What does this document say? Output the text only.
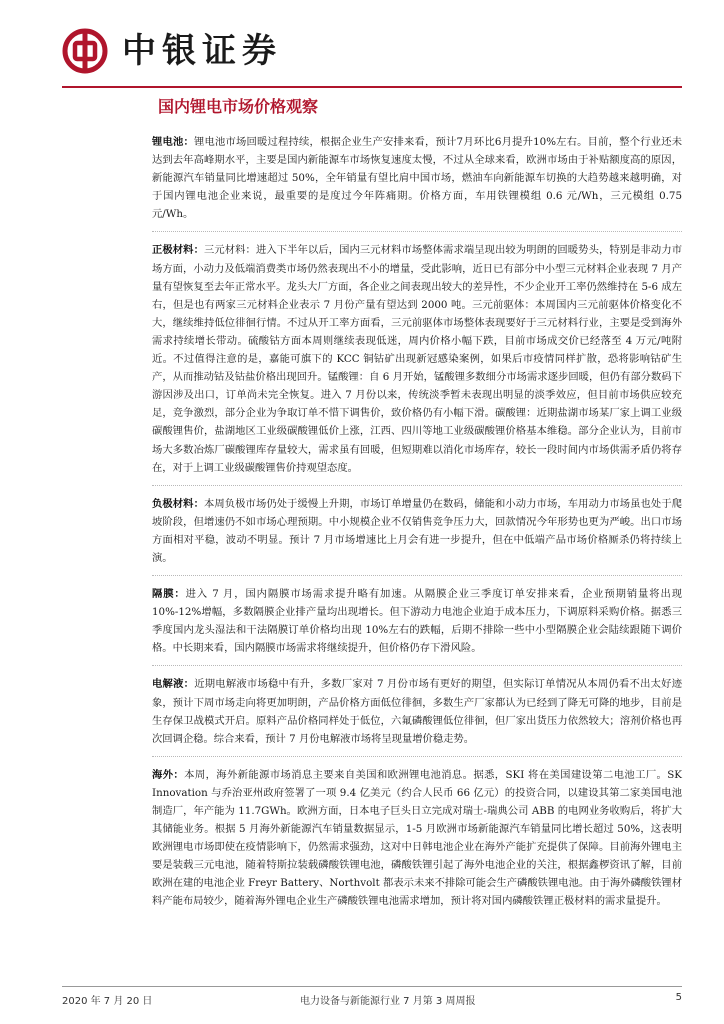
中银证券
国内锂电市场价格观察

锂电池：锂电池市场回暖过程持续，根据企业生产安排来看，预计7月环比6月提升10%左右。目前，整个行业还未达到去年高峰期水平，主要是国内新能源车市场恢复速度太慢，不过从全球来看，欧洲市场由于补贴额度高的原因，新能源汽车销量同比增速超过 50%，全年销量有望比肩中国市场，燃油车向新能源车切换的大趋势越来越明确，对于国内锂电池企业来说，最重要的是度过今年阵痛期。价格方面，车用铁锂模组 0.6 元/Wh，三元模组 0.75 元/Wh。

正极材料：三元材料：进入下半年以后，国内三元材料市场整体需求端呈现出较为明朗的回暖势头，特别是非动力市场方面，小动力及低端消费类市场仍然表现出不小的增量，受此影响，近日已有部分中小型三元材料企业表现 7 月产量有望恢复至去年正常水平。龙头大厂方面，各企业之间表现出较大的差异性，不少企业开工率仍然维持在 5-6 成左右，但是也有两家三元材料企业表示 7 月份产量有望达到 2000 吨。三元前驱体：本周国内三元前驱体价格变化不大，继续维持低位徘徊行情。不过从开工率方面看，三元前驱体市场整体表现要好于三元材料行业，主要是受到海外需求持续增长带动。硫酸钴方面本周则继续表现低迷，周内价格小幅下跌，目前市场成交价已经落至 4 万元/吨附近。不过值得注意的是，嘉能可旗下的 KCC 铜钴矿出现新冠感染案例，如果后市疫情同样扩散，恐将影响钴矿生产，从而推动钴及钴盐价格出现回升。锰酸锂：自 6 月开始，锰酸锂多数细分市场需求逐步回暖，但仍有部分数码下游因涉及出口，订单尚未完全恢复。进入 7 月份以来，传统淡季暂未表现出明显的淡季效应，但目前市场供应较充足，竞争激烈，部分企业为争取订单不惜下调售价，致价格仍有小幅下滑。碳酸锂：近期盐湖市场某厂家上调工业级碳酸锂售价，盐湖地区工业级碳酸锂低价上涨，江西、四川等地工业级碳酸锂价格基本维稳。部分企业认为，目前市场大多数冶炼厂碳酸锂库存量较大，需求虽有回暖，但短期难以消化市场库存，较长一段时间内市场供需矛盾仍将存在，对于上调工业级碳酸锂售价持观望态度。

负极材料：本周负极市场仍处于缓慢上升期，市场订单增量仍在数码，储能和小动力市场，车用动力市场虽也处于爬坡阶段，但增速仍不如市场心理预期。中小规模企业不仅销售竞争压力大，回款情况今年形势也更为严峻。出口市场方面相对平稳，波动不明显。预计 7 月市场增速比上月会有进一步提升，但在中低端产品市场价格厮杀仍将持续上演。

隔膜：进入 7 月，国内隔膜市场需求提升略有加速。从隔膜企业三季度订单安排来看，企业预期销量将出现 10%-12%增幅，多数隔膜企业排产量均出现增长。但下游动力电池企业迫于成本压力，下调原料采购价格。据悉三季度国内龙头湿法和干法隔膜订单价格均出现 10%左右的跌幅，后期不排除一些中小型隔膜企业会陆续跟随下调价格。中长期来看，国内隔膜市场需求将继续提升，但价格仍存下滑风险。

电解液：近期电解液市场稳中有升，多数厂家对 7 月份市场有更好的期望，但实际订单情况从本周仍看不出太好迹象，预计下周市场走向将更加明朗，产品价格方面低位徘徊，多数生产厂家都认为已经到了降无可降的地步，目前是生存保卫战模式开启。原料产品价格同样处于低位，六氟磷酸锂低位徘徊，但厂家出货压力依然较大；溶剂价格也再次回调企稳。综合来看，预计 7 月份电解液市场将呈现量增价稳走势。

海外：本周，海外新能源市场消息主要来自美国和欧洲锂电池消息。据悉，SKI 将在美国建设第二电池工厂。SK Innovation 与乔治亚州政府签署了一项 9.4 亿美元（约合人民币 66 亿元）的投资合同，以建设其第二家美国电池制造厂，年产能为 11.7GWh。欧洲方面，日本电子巨头日立完成对瑞士-瑞典公司 ABB 的电网业务收购后，将扩大其储能业务。根据 5 月海外新能源汽车销量数据显示，1-5 月欧洲市场新能源汽车销量同比增长超过 50%，这表明欧洲锂电市场即使在疫情影响下，仍然需求强劲，这对中日韩电池企业在海外产能扩充提供了保障。目前海外锂电主要是装载三元电池，随着特斯拉装载磷酸铁锂电池，磷酸铁锂引起了海外电池企业的关注，根据鑫椤资讯了解，目前欧洲在建的电池企业 Freyr Battery、Northvolt 都表示未来不排除可能会生产磷酸铁锂电池。由于海外磷酸铁锂材料产能布局较少，随着海外锂电企业生产磷酸铁锂电池需求增加，预计将对国内磷酸铁锂正极材料的需求量提升。

2020 年 7 月 20 日	电力设备与新能源行业 7 月第 3 周周报	5
